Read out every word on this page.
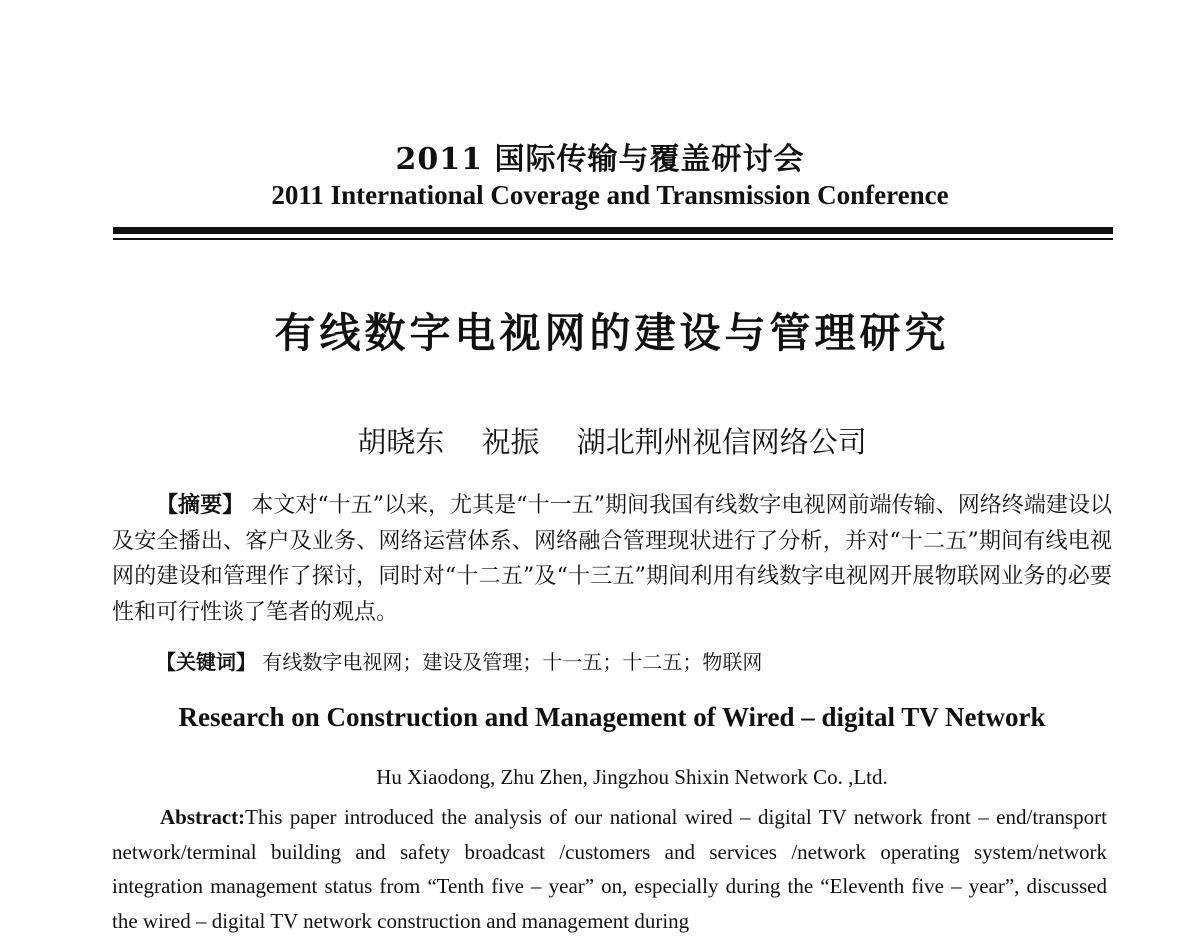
2011 国际传输与覆盖研讨会
2011 International Coverage and Transmission Conference
有线数字电视网的建设与管理研究
胡晓东 祝振 湖北荆州视信网络公司
【摘要】 本文对“十五”以来，尤其是“十一五”期间我国有线数字电视网前端传输、网络终端建设以及安全播出、客户及业务、网络运营体系、网络融合管理现状进行了分析，并对“十二五”期间有线电视网的建设和管理作了探讨，同时对“十二五”及“十三五”期间利用有线数字电视网开展物联网业务的必要性和可行性谈了笔者的观点。
【关键词】 有线数字电视网；建设及管理；十一五；十二五；物联网
Research on Construction and Management of Wired – digital TV Network
Hu Xiaodong, Zhu Zhen, Jingzhou Shixin Network Co. ,Ltd.
Abstract:This paper introduced the analysis of our national wired – digital TV network front – end/transport network/terminal building and safety broadcast /customers and services /network operating system/network integration management status from “Tenth five – year” on, especially during the “Eleventh five – year”, discussed the wired – digital TV network construction and management during
